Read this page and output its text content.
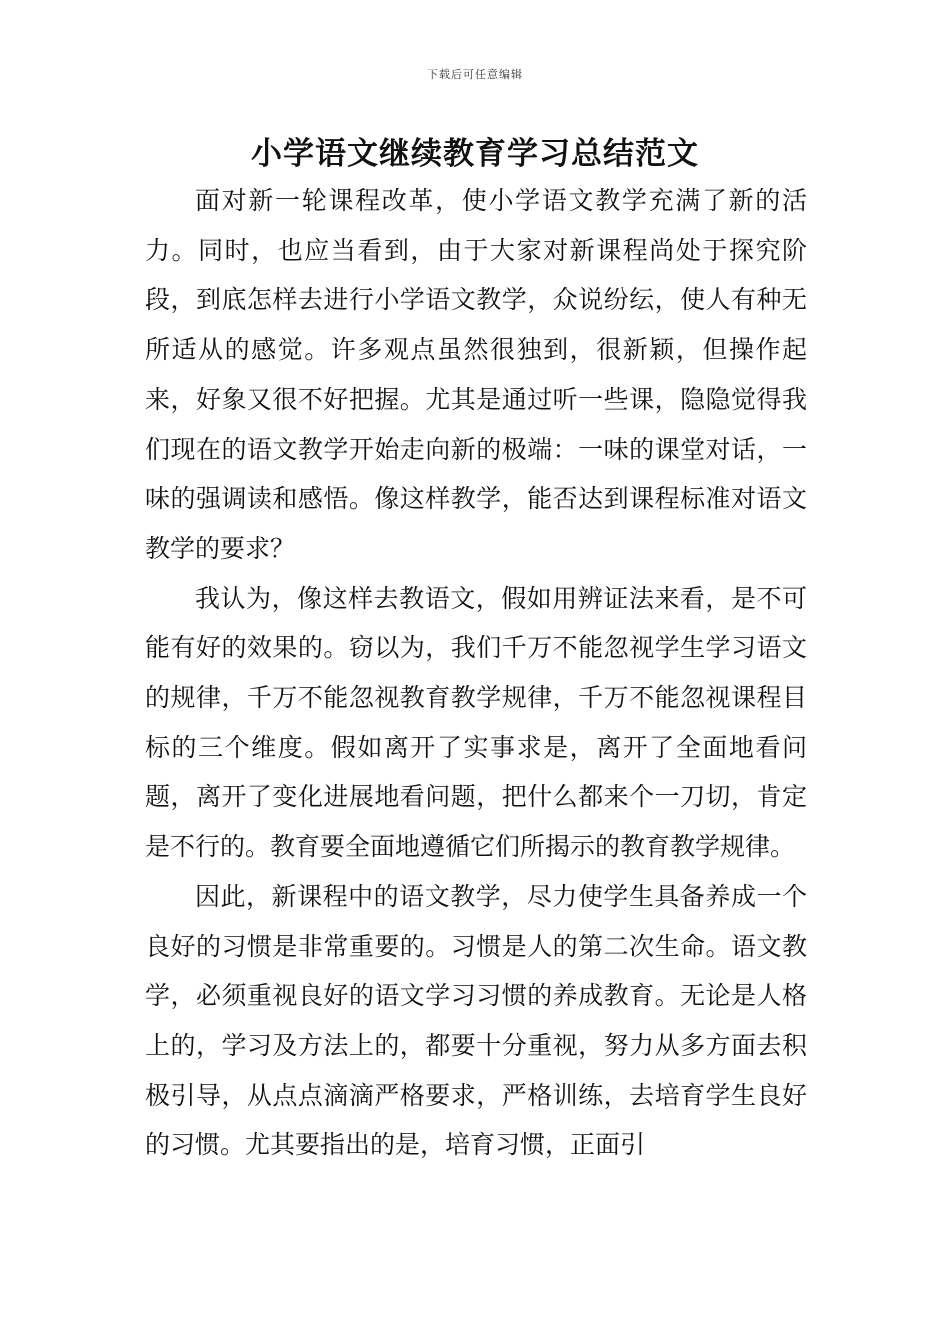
下载后可任意编辑
小学语文继续教育学习总结范文

面对新一轮课程改革，使小学语文教学充满了新的活力。同时，也应当看到，由于大家对新课程尚处于探究阶段，到底怎样去进行小学语文教学，众说纷纭，使人有种无所适从的感觉。许多观点虽然很独到，很新颖，但操作起来，好象又很不好把握。尤其是通过听一些课，隐隐觉得我们现在的语文教学开始走向新的极端：一味的课堂对话，一味的强调读和感悟。像这样教学，能否达到课程标准对语文教学的要求？

我认为，像这样去教语文，假如用辨证法来看，是不可能有好的效果的。窃以为，我们千万不能忽视学生学习语文的规律，千万不能忽视教育教学规律，千万不能忽视课程目标的三个维度。假如离开了实事求是，离开了全面地看问题，离开了变化进展地看问题，把什么都来个一刀切，肯定是不行的。教育要全面地遵循它们所揭示的教育教学规律。

因此，新课程中的语文教学，尽力使学生具备养成一个良好的习惯是非常重要的。习惯是人的第二次生命。语文教学，必须重视良好的语文学习习惯的养成教育。无论是人格上的，学习及方法上的，都要十分重视，努力从多方面去积极引导，从点点滴滴严格要求，严格训练，去培育学生良好的习惯。尤其要指出的是，培育习惯，正面引
